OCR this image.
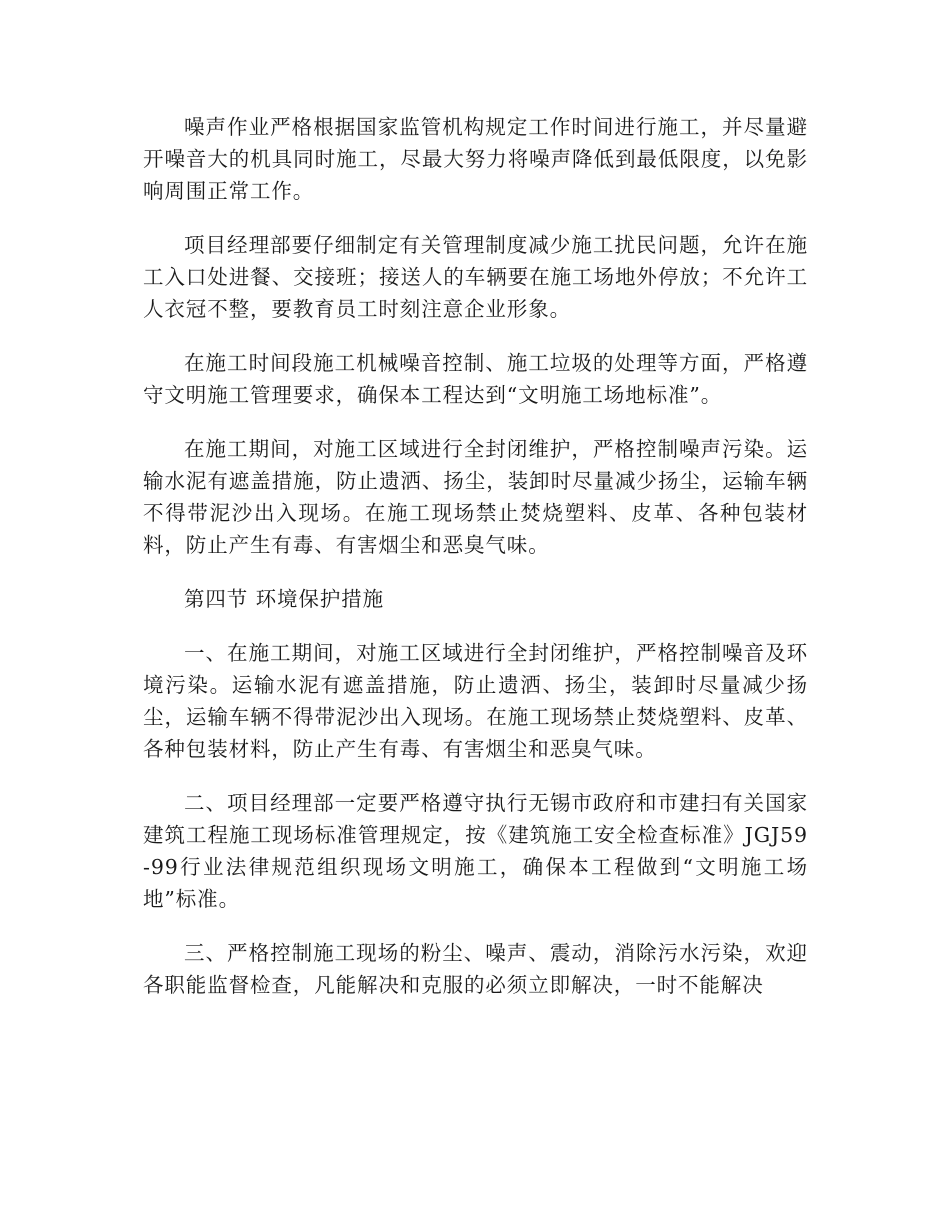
噪声作业严格根据国家监管机构规定工作时间进行施工，并尽量避开噪音大的机具同时施工，尽最大努力将噪声降低到最低限度，以免影响周围正常工作。

项目经理部要仔细制定有关管理制度减少施工扰民问题，允许在施工入口处进餐、交接班；接送人的车辆要在施工场地外停放；不允许工人衣冠不整，要教育员工时刻注意企业形象。

在施工时间段施工机械噪音控制、施工垃圾的处理等方面，严格遵守文明施工管理要求，确保本工程达到“文明施工场地标准”。

在施工期间，对施工区域进行全封闭维护，严格控制噪声污染。运输水泥有遮盖措施，防止遗洒、扬尘，装卸时尽量减少扬尘，运输车辆不得带泥沙出入现场。在施工现场禁止焚烧塑料、皮革、各种包装材料，防止产生有毒、有害烟尘和恶臭气味。

第四节 环境保护措施

一、在施工期间，对施工区域进行全封闭维护，严格控制噪音及环境污染。运输水泥有遮盖措施，防止遗洒、扬尘，装卸时尽量减少扬尘，运输车辆不得带泥沙出入现场。在施工现场禁止焚烧塑料、皮革、各种包装材料，防止产生有毒、有害烟尘和恶臭气味。

二、项目经理部一定要严格遵守执行无锡市政府和市建扫有关国家建筑工程施工现场标准管理规定，按《建筑施工安全检查标准》JGJ59-99行业法律规范组织现场文明施工，确保本工程做到“文明施工场地”标准。

三、严格控制施工现场的粉尘、噪声、震动，消除污水污染，欢迎各职能监督检查，凡能解决和克服的必须立即解决，一时不能解决
